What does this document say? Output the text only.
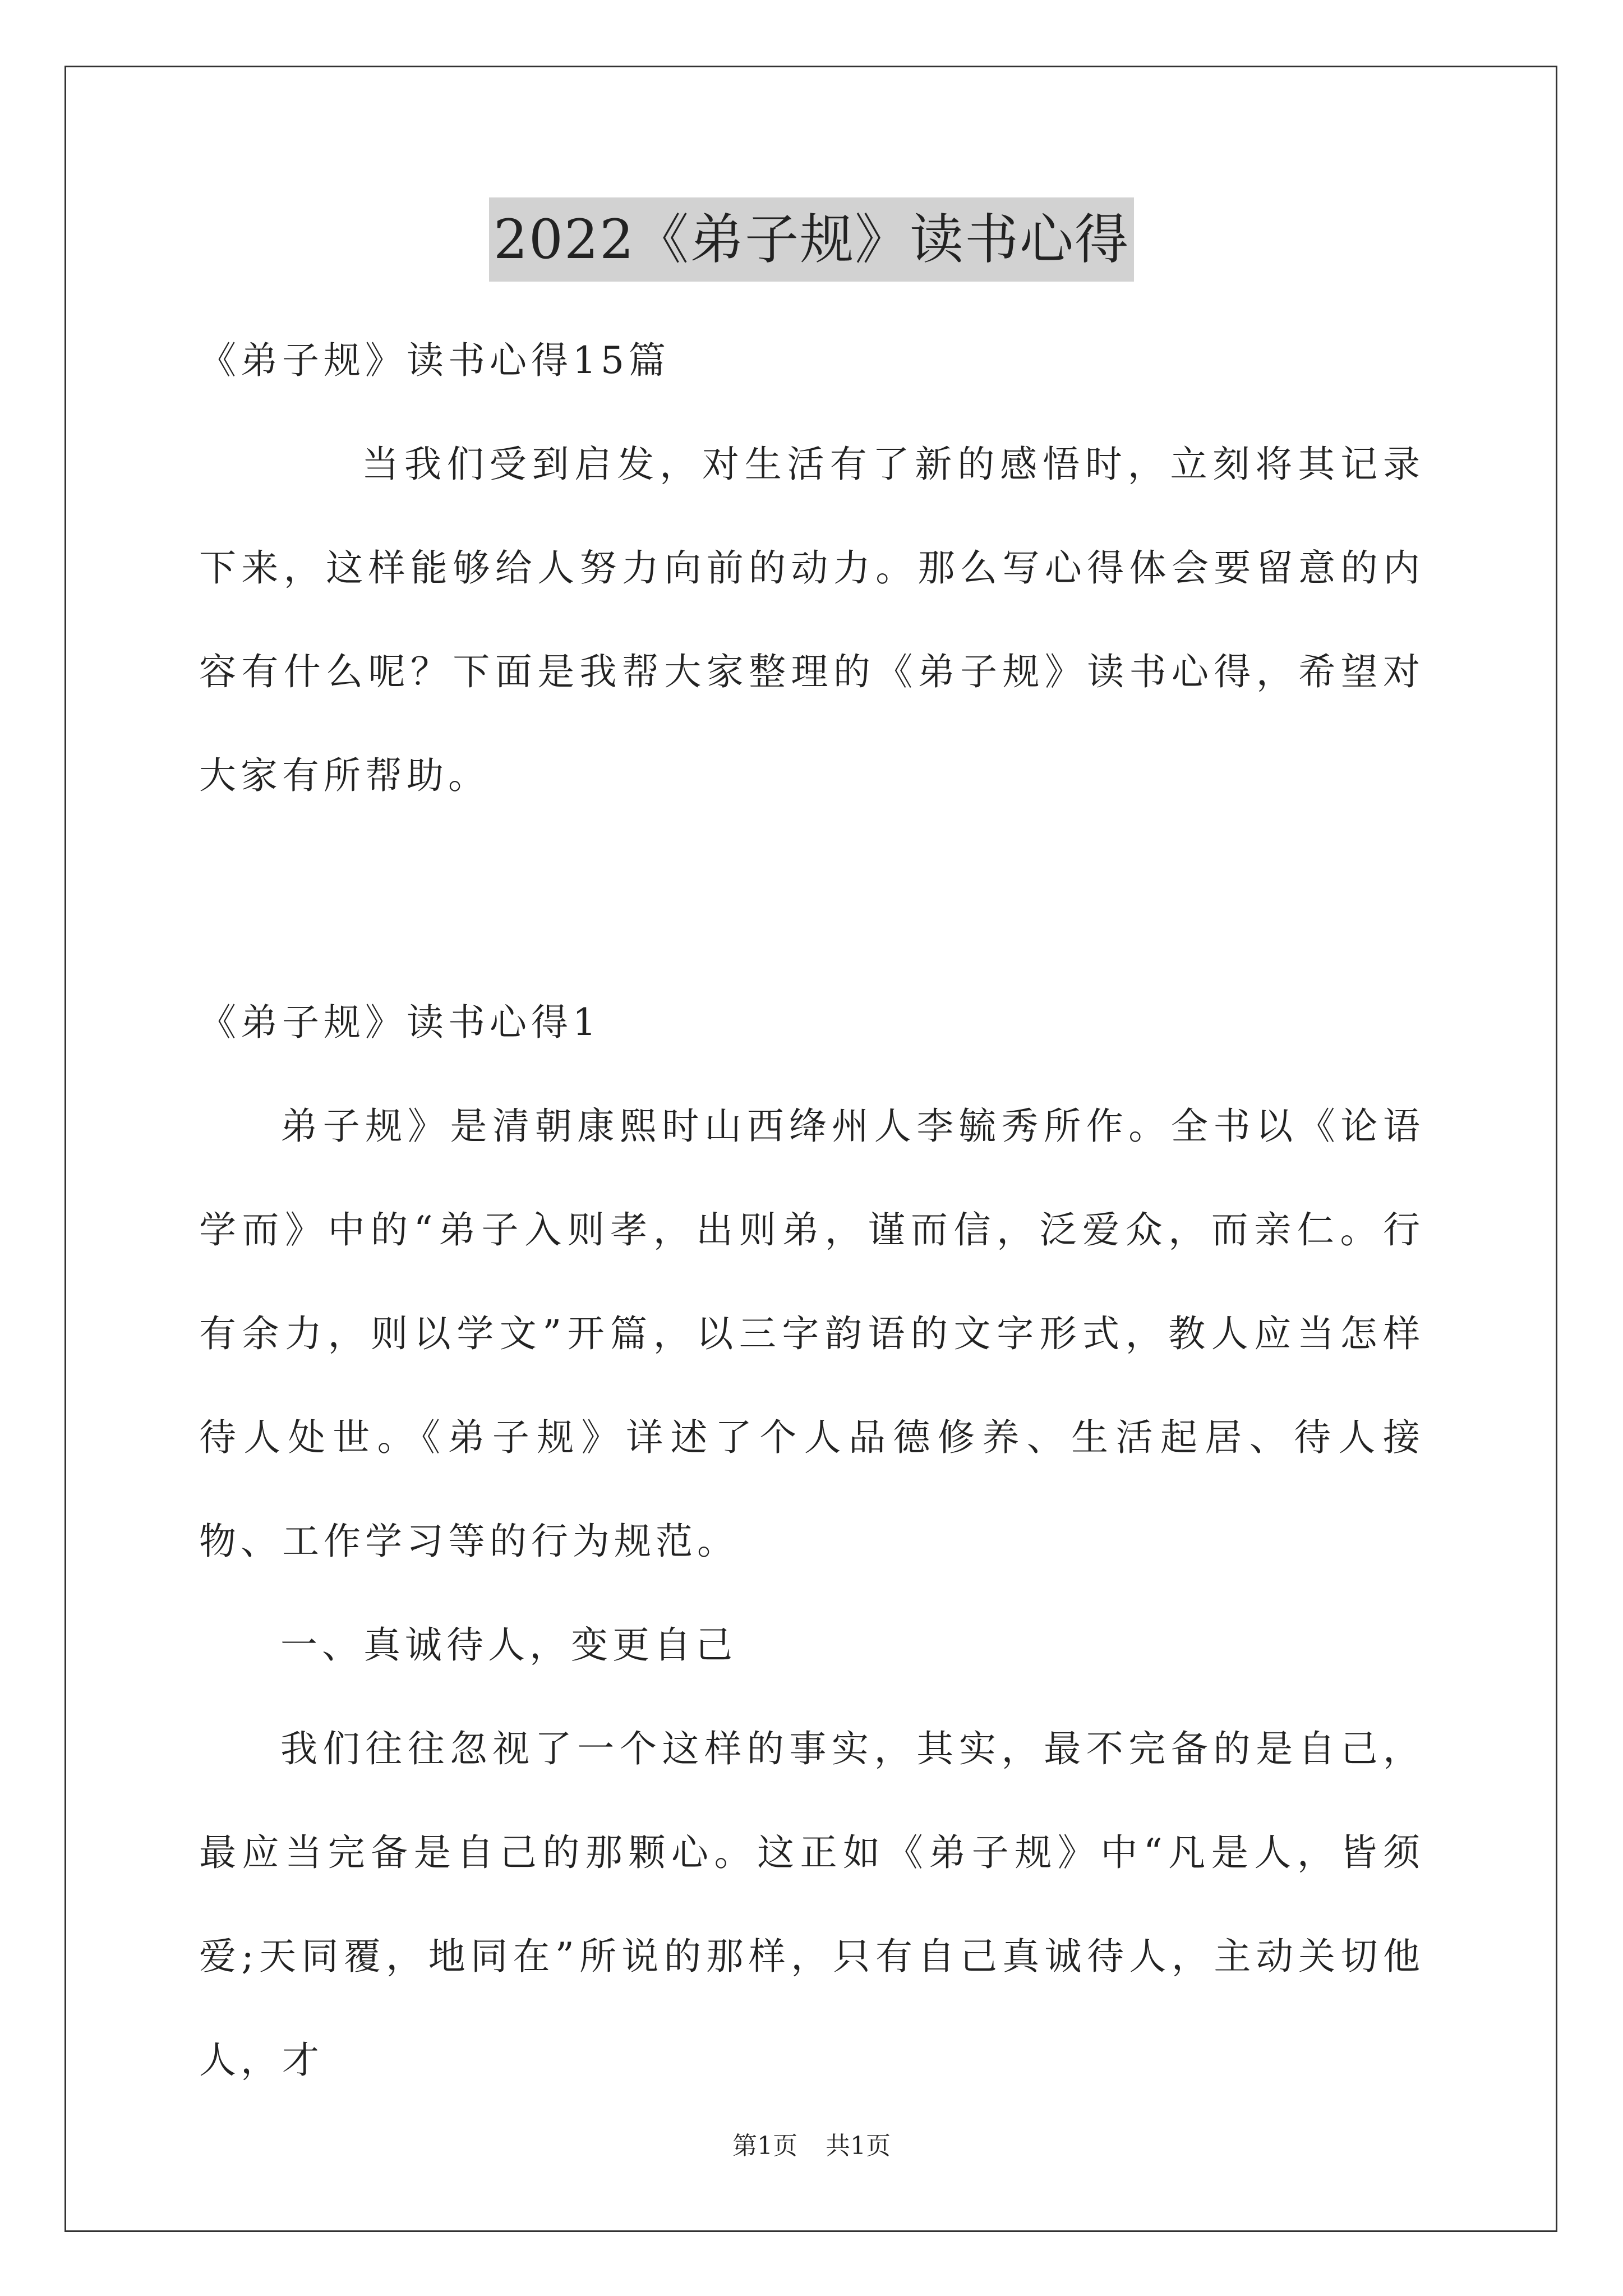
2022《弟子规》读书心得

《弟子规》读书心得15篇

当我们受到启发，对生活有了新的感悟时，立刻将其记录下来，这样能够给人努力向前的动力。那么写心得体会要留意的内容有什么呢？下面是我帮大家整理的《弟子规》读书心得，希望对大家有所帮助。

《弟子规》读书心得1

弟子规》是清朝康熙时山西绛州人李毓秀所作。全书以《论语学而》中的“弟子入则孝，出则弟，谨而信，泛爱众，而亲仁。行有余力，则以学文”开篇，以三字韵语的文字形式，教人应当怎样待人处世。《弟子规》详述了个人品德修养、生活起居、待人接物、工作学习等的行为规范。

一、真诚待人，变更自己

我们往往忽视了一个这样的事实，其实，最不完备的是自己，最应当完备是自己的那颗心。这正如《弟子规》中“凡是人，皆须爱;天同覆，地同在”所说的那样，只有自己真诚待人，主动关切他人，才

第1页 共1页
